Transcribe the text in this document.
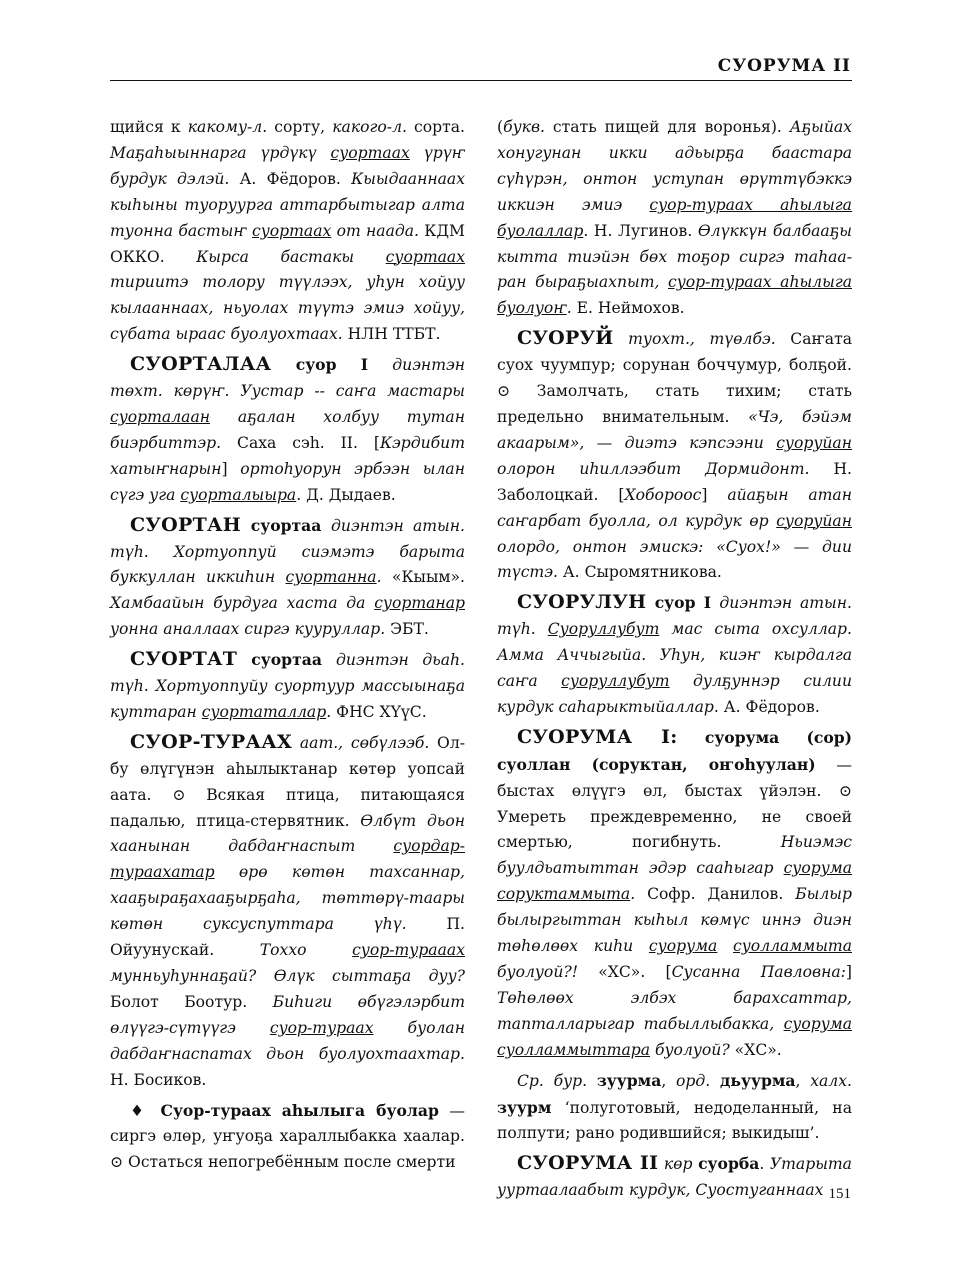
СУОРУМА II

щийся к какому-л. сорту, какого-л. сорта. Маҕаһыыннарга үрдүкү суортаах үрүҥ бурдук дэлэй. А. Фёдоров. Кыыдааннаах кыһыны туоруурга аттарбытыгар алта туонна бастыҥ суортаах от наада. КДМ ОККО. Кырса бастакы суортаах тириитэ толору түүлээх, уһун хойуу кылааннаах, ньуолах түүтэ эмиэ хойуу, сүбата ыраас буолуохтаах. НЛН ТТБТ.

СУОРТАЛАА суор I диэнтэн төхт. көрүҥ. Уустар -- саҥа мастары суорталаан аҕалан холбуу тутан биэрбиттэр. Саха сэһ. II. [Кэрдибит хатыҥнарын] ортоһуорун эрбээн ылан сүгэ уга суорталыыра. Д. Дыдаев.

СУОРТАН суортаа диэнтэн атын. түһ. Хортуоппуй сиэмэтэ барыта буккуллан иккиһин суортанна. «Кыым». Хамбаайын бурдуга хаста да суортанар уонна аналлаах сиргэ кууруллар. ЭБТ.

СУОРТАТ суортаа диэнтэн дьаһ. түһ. Хортуоппуйу суортуур массыынаҕа куттаран суортаталлар. ФНС ХҮүС.

СУОР-ТУРААХ аат., сөбүлээб. Ол-бу өлүгүнэн аһылыктанар көтөр уопсай аата. ⊙ Всякая птица, питающаяся падалью, птица-стервятник. Өлбүт дьон хаанынан дабдаҥнаспыт суордар-тураахатар өрө көтөн тахсаннар, хааҕыраҕахааҕырҕаһа, төттөрү-таары көтөн суксуспуттара үһү. П. Ойуунускай. Тоххо суор-турааах мунньуһуннаҕай? Өлүк сыттаҕа дуу? Болот Боотур. Биһиги өбүгэлэрбит өлүүгэ-сүтүүгэ суор-тураах буолан дабдаҥнаспатах дьон буолуохтаахтар. Н. Босиков.

♦ Суор-тураах аһылыга буолар — сиргэ өлөр, уҥуоҕа хараллыбакка хаалар. ⊙ Остаться непогребённым после смерти

(букв. стать пищей для воронья). Аҕыйах хонугунан икки адьырҕа баастара сүһүрэн, онтон уступан өрүттүбэккэ иккиэн эмиэ суор-тураах аһылыга буолаллар. Н. Лугинов. Өлүккүн балбааҕы кытта тиэйэн бөх тоҕор сиргэ таһаа-ран быраҕыахпыт, суор-тураах аһылыга буолуоҥ. Е. Неймохов.

СУОРУЙ туохт., түөлбэ. Саҥата суох чуумпур; сорунан боччумур, болҕой. ⊙ Замолчать, стать тихим; стать предельно внимательным. «Чэ, бэйэм акаарым», — диэтэ кэпсээни суоруйан олорон иһиллээбит Дормидонт. Н. Заболоцкай. [Хобороос] айаҕын атан саҥарбат буолла, ол курдук өр суоруйан олордо, онтон эмискэ: «Суох!» — дии түстэ. А. Сыромятникова.

СУОРУЛУН суор I диэнтэн атын. түһ. Суоруллубут мас сыта охсуллар. Амма Аччыгыйа. Уһун, киэҥ кырдалга саҥа суоруллубут дулҕуннэр силии курдук саһарыктыйаллар. А. Фёдоров.

СУОРУМА I: суорума (сор) суоллан (соруктан, оҥоһуулан) — быстах өлүүгэ өл, быстах үйэлэн. ⊙ Умереть преждевременно, не своей смертью, погибнуть. Ньиэмэс буулдьатыттан эдэр сааһыгар суорума соруктаммыта. Софр. Данилов. Былыр былыргыттан кыһыл көмүс иннэ диэн төһөлөөх киһи суорума суолламмыта буолуой?! «ХС». [Сусанна Павловна:] Төһөлөөх элбэх барахсаттар, тапталларыгар табыллыбакка, суорума суолламмыттара буолуой? «ХС».

Ср. бур. зуурма, орд. дьуурма, халх. зуурм ‘полуготовый, недоделанный, на полпути; рано родившийся; выкидыш’.

СУОРУМА II көр суорба. Утарыта ууртаалаабыт курдук, Суостуганнаах 151
